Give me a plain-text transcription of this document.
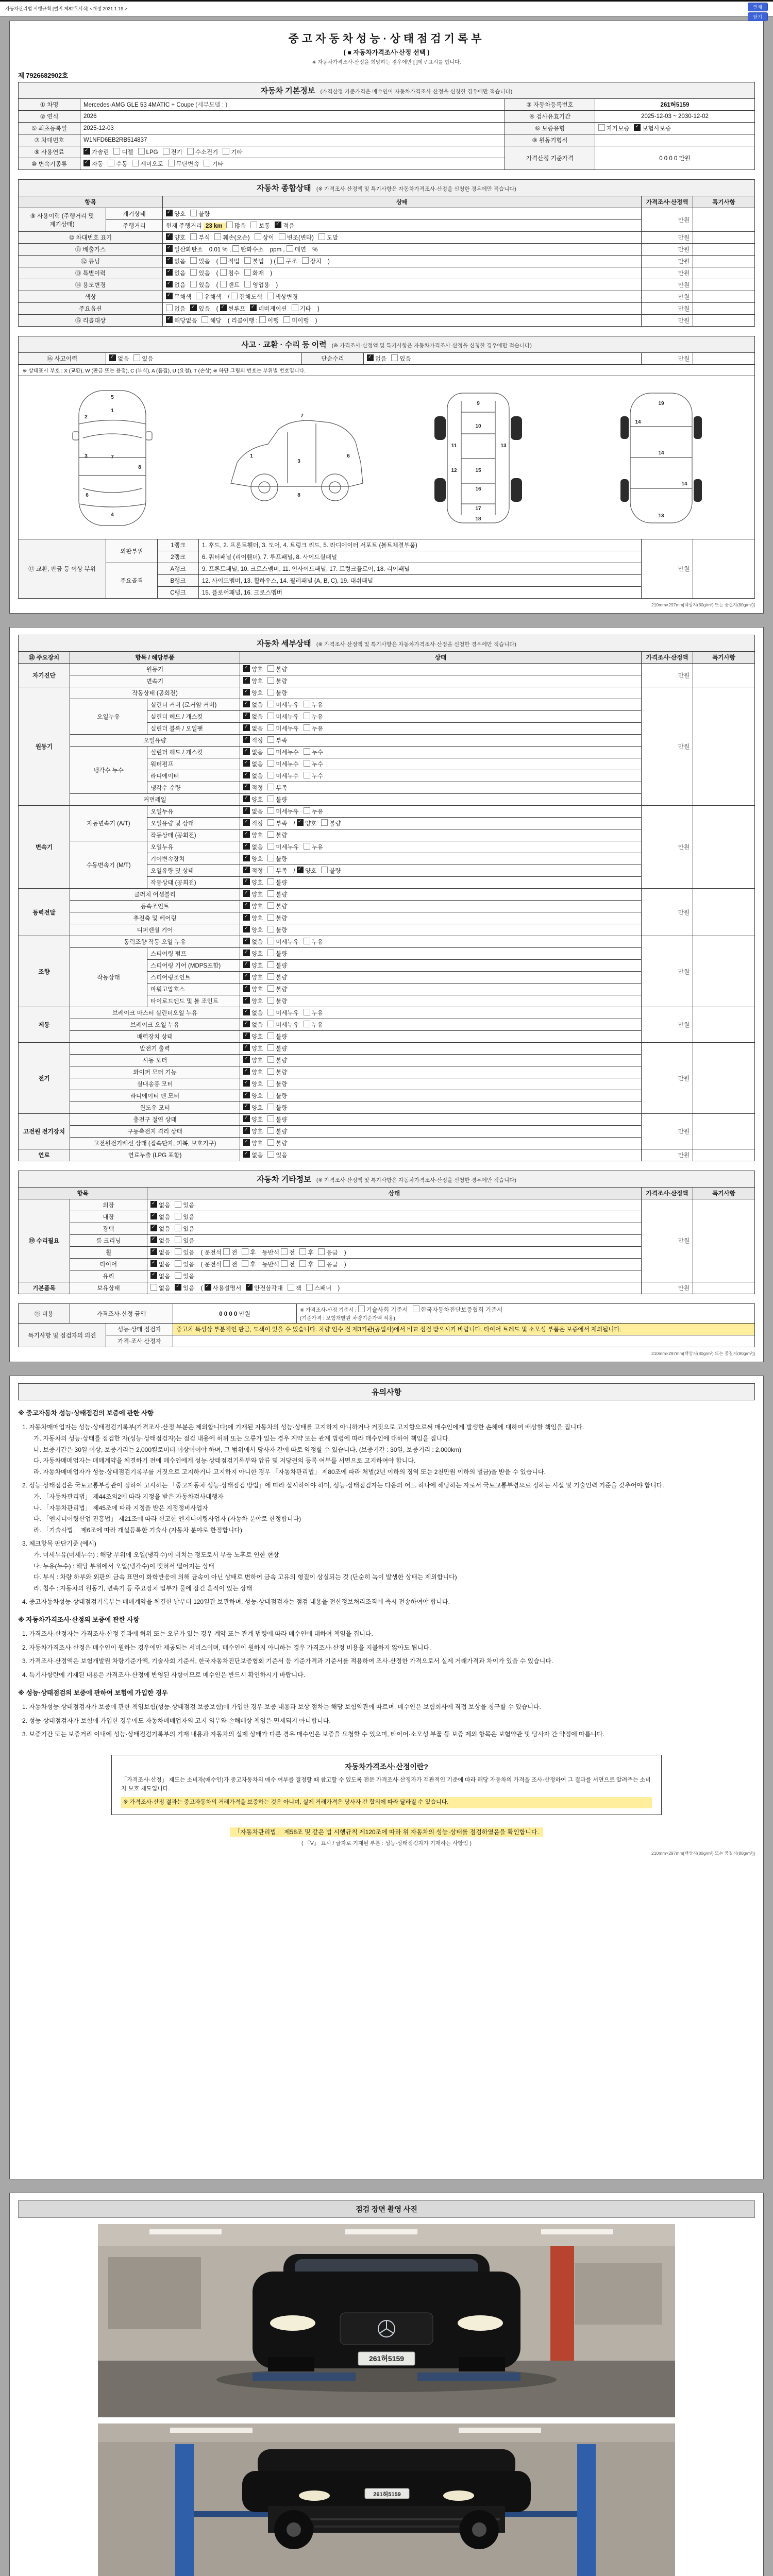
자동차관리법 시행규칙 [별지 제82호서식] <개정 2021.1.19.>	인쇄
닫기
중고자동차성능·상태점검기록부
( ■ 자동차가격조사·산정 선택 )
※ 자동차가격조사·산정을 희망하는 경우에만 [ ]에 √ 표시를 합니다.
제 7926682902호
자동차 기본정보 (가격산정 기준가격은 매수인이 자동차가격조사·산정을 신청한 경우에만 적습니다)
① 차명	Mercedes-AMG GLE 53 4MATIC + Coupe (세부모델 : )	③ 자동차등록번호	261허5159
② 연식	2026	④ 검사유효기간	2025-12-03 ~ 2030-12-02
⑤ 최초등록일	2025-12-03	⑥ 보증유형	자가보증 ✓ 보험사보증
⑦ 차대번호	W1NFD6EB2RB514837	⑧ 원동기형식	
⑨ 사용연료	✓가솔린 디젤 LPG 전기 수소전기 기타	가격산정 기준가격	0 0 0 0 만원
⑩ 변속기종류	✓자동 수동 세미오토 무단변속 기타
자동차 종합상태 (※ 가격조사·산정액 및 특기사항은 자동차가격조사·산정을 신청한 경우에만 적습니다)
항목		상태	가격조사·산정액	특기사항
⑨ 사용이력 (주행거리 및 계기상태)	계기상태	✓양호 불량	만원	
	주행거리	현재 주행거리 23 km 많음 보통 ✓ 적음
⑩ 차대번호 표기	✓양호 부식 훼손(오손) 상이 변조(변타) 도말	만원	
⑪ 배출가스	✓일산화탄소 0.01 % , 탄화수소 ppm , 매연 %	만원	
⑫ 튜닝	✓없음 있음 ( 적법 불법 ) ( 구조 장치 )	만원	
⑬ 특별이력	✓없음 있음 ( 침수 화재 )	만원	
⑭ 용도변경	✓없음 있음 ( 렌트 영업용 )	만원	
색상	✓무채색 유채색 / 전체도색 색상변경	만원	
주요옵션		없음 ✓ 있음 ( ✓썬루프 ✓ 네비게이션 기타 )	만원	
⑮ 리콜대상	✓해당없음 해당 ( 리콜이행 : 이행 미이행 )	만원	
사고 · 교환 · 수리 등 이력 (※ 가격조사·산정액 및 특기사항은 자동차가격조사·산정을 신청한 경우에만 적습니다)
⑯ 사고이력	✓없음 있음	단순수리	✓없음 있음	만원	
※ 상태표시 부호 : X (교환), W (판금 또는 용접), C (부식), A (흠집), U (요철), T (손상) ※ 하단 그림의 번호는 부위별 번호입니다.
5
1
2
3	7
8
6
4
1
7
3
6
8
9
10
11	13
12	15
16
17
18
19
14
14
14
13
⑰ 교환, 판금 등 이상 부위	외판부위	1랭크	1. 후드, 2. 프론트휀더, 3. 도어, 4. 트렁크 리드, 5. 라디에이터 서포트 (볼트체결부품)	만원	
		2랭크	6. 쿼터패널 (리어휀더), 7. 루프패널, 8. 사이드실패널		
	주요골격	A랭크	9. 프론트패널, 10. 크로스멤버, 11. 인사이드패널, 17. 트렁크플로어, 18. 리어패널		
		B랭크	12. 사이드멤버, 13. 휠하우스, 14. 필러패널 (A, B, C), 19. 대쉬패널		
		C랭크	15. 플로어패널, 16. 크로스멤버		
210mm×297mm[백상지(80g/m²) 또는 중질지(80g/m²)]
자동차 세부상태 (※ 가격조사·산정액 및 특기사항은 자동차가격조사·산정을 신청한 경우에만 적습니다)
⑱ 주요장치	항목 / 해당부품		상태	가격조사·산정액	특기사항
자기진단	원동기	✓양호 불량	만원	
	변속기	✓양호 불량
원동기	작동상태 (공회전)	✓양호 불량	만원	
	오일누유	실린더 커버 (로커암 커버)	✓없음 미세누유 누유
		실린더 헤드 / 개스킷	✓없음 미세누유 누유
		실린더 블록 / 오일팬	✓없음 미세누유 누유
	오일유량	✓적정 부족
	냉각수 누수	실린더 헤드 / 개스킷	✓없음 미세누수 누수
		워터펌프	✓없음 미세누수 누수
		라디에이터	✓없음 미세누수 누수
		냉각수 수량	✓적정 부족
	커먼레일	✓양호 불량
변속기	자동변속기 (A/T)	오일누유	✓없음 미세누유 누유	만원	
		오일유량 및 상태	✓적정 부족 / ✓양호 불량
		작동상태 (공회전)	✓양호 불량
	수동변속기 (M/T)	오일누유	✓없음 미세누유 누유
		기어변속장치	✓양호 불량
		오일유량 및 상태	✓적정 부족 / ✓양호 불량
		작동상태 (공회전)	✓양호 불량
동력전달	클러치 어셈블리	✓양호 불량	만원	
	등속조인트	✓양호 불량
	추진축 및 베어링	✓양호 불량
	디퍼렌셜 기어	✓양호 불량
조향	동력조향 작동 오일 누유	✓없음 미세누유 누유	만원	
	작동상태	스티어링 펌프	✓양호 불량
		스티어링 기어 (MDPS포함)	✓양호 불량
		스티어링조인트	✓양호 불량
		파워고압호스	✓양호 불량
		타이로드엔드 및 볼 조인트	✓양호 불량
제동	브레이크 마스터 실린더오일 누유	✓없음 미세누유 누유	만원	
	브레이크 오일 누유	✓없음 미세누유 누유
	배력장치 상태	✓양호 불량
전기	발전기 출력	✓양호 불량	만원	
	시동 모터	✓양호 불량
	와이퍼 모터 기능	✓양호 불량
	실내송풍 모터	✓양호 불량
	라디에이터 팬 모터	✓양호 불량
	윈도우 모터	✓양호 불량
고전원 전기장치	충전구 절연 상태	✓양호 불량	만원	
	구동축전지 격리 상태	✓양호 불량
	고전원전기배선 상태 (접속단자, 피복, 보호기구)	✓양호 불량
연료	연료누출 (LPG 포함)	✓없음 있음	만원	
자동차 기타정보 (※ 가격조사·산정액 및 특기사항은 자동차가격조사·산정을 신청한 경우에만 적습니다)
항목		상태	가격조사·산정액	특기사항
⑲ 수리필요	외장	✓없음 있음	만원	
	내장	✓없음 있음
	광택	✓없음 있음
	룸 크리닝	✓없음 있음
	휠	✓없음 있음 ( 운전석 전 후 동반석 전 후 응급 )
	타이어	✓없음 있음 ( 운전석 전 후 동반석 전 후 응급 )
	유리	✓없음 있음
기본품목	보유상태	없음 ✓ 있음 ( ✓사용설명서 ✓ 안전삼각대 잭 스패너 )	만원	
⑳ 비용	가격조사·산정 금액	0 0 0 0 만원	※ 가격조사·산정 기준서 : 기술사회 기준서 한국자동차진단보증협회 기준서
(기준가격 : 보험개발원 차량기준가액 적용)
특기사항 및 점검자의 의견	성능·상태 점검자	중고차 특성상 부분적인 판금, 도색이 있을 수 있습니다. 차량 인수 전 제3기관(공업사)에서 비교 점검 받으시기 바랍니다. 타이어 트레드 및 소모성 부품은 보증에서 제외됩니다.
	가격·조사 산정자	
210mm×297mm[백상지(80g/m²) 또는 중질지(80g/m²)]
유의사항
※ 중고자동차 성능·상태점검의 보증에 관한 사항
1. 자동차매매업자는 성능·상태점검기록부(가격조사·산정 부분은 제외합니다)에 기재된 자동차의 성능·상태를 고지하지 아니하거나 거짓으로 고지함으로써 매수인에게 발생한 손해에 대하여 배상할 책임을 집니다.
가. 자동차의 성능·상태를 점검한 자(성능·상태점검자)는 점검 내용에 허위 또는 오류가 있는 경우 계약 또는 관계 법령에 따라 매수인에 대하여 책임을 집니다.
나. 보증기간은 30일 이상, 보증거리는 2,000킬로미터 이상이어야 하며, 그 범위에서 당사자 간에 따로 약정할 수 있습니다. (보증기간 : 30일, 보증거리 : 2,000km)
다. 자동차매매업자는 매매계약을 체결하기 전에 매수인에게 성능·상태점검기록부와 압류 및 저당권의 등록 여부를 서면으로 고지하여야 합니다.
라. 자동차매매업자가 성능·상태점검기록부를 거짓으로 고지하거나 고지하지 아니한 경우 「자동차관리법」 제80조에 따라 처벌(2년 이하의 징역 또는 2천만원 이하의 벌금)을 받을 수 있습니다.
2. 성능·상태점검은 국토교통부장관이 정하여 고시하는 「중고자동차 성능·상태점검 방법」에 따라 실시하여야 하며, 성능·상태점검자는 다음의 어느 하나에 해당하는 자로서 국토교통부령으로 정하는 시설 및 기술인력 기준을 갖추어야 합니다.
가. 「자동차관리법」 제44조의2에 따라 지정을 받은 자동차검사대행자
나. 「자동차관리법」 제45조에 따라 지정을 받은 지정정비사업자
다. 「엔지니어링산업 진흥법」 제21조에 따라 신고한 엔지니어링사업자 (자동차 분야로 한정합니다)
라. 「기술사법」 제6조에 따라 개설등록한 기술사 (자동차 분야로 한정합니다)
3. 체크항목 판단기준 (예시)
가. 미세누유(미세누수) : 해당 부위에 오일(냉각수)이 비치는 정도로서 부품 노후로 인한 현상
나. 누유(누수) : 해당 부위에서 오일(냉각수)이 맺혀서 떨어지는 상태
다. 부식 : 차량 하부와 외판의 금속 표면이 화학반응에 의해 금속이 아닌 상태로 변하여 금속 고유의 형질이 상실되는 것 (단순히 녹이 발생한 상태는 제외합니다)
라. 침수 : 자동차의 원동기, 변속기 등 주요장치 일부가 물에 잠긴 흔적이 있는 상태
4. 중고자동차성능·상태점검기록부는 매매계약을 체결한 날부터 120일간 보관하며, 성능·상태점검자는 점검 내용을 전산정보처리조직에 즉시 전송하여야 합니다.
※ 자동차가격조사·산정의 보증에 관한 사항
1. 가격조사·산정자는 가격조사·산정 결과에 허위 또는 오류가 있는 경우 계약 또는 관계 법령에 따라 매수인에 대하여 책임을 집니다.
2. 자동차가격조사·산정은 매수인이 원하는 경우에만 제공되는 서비스이며, 매수인이 원하지 아니하는 경우 가격조사·산정 비용을 지불하지 않아도 됩니다.
3. 가격조사·산정액은 보험개발원 차량기준가액, 기술사회 기준서, 한국자동차진단보증협회 기준서 등 기준가격과 기준서를 적용하여 조사·산정한 가격으로서 실제 거래가격과 차이가 있을 수 있습니다.
4. 특기사항란에 기재된 내용은 가격조사·산정에 반영된 사항이므로 매수인은 반드시 확인하시기 바랍니다.
※ 성능·상태점검의 보증에 관하여 보험에 가입한 경우
1. 자동차성능·상태점검자가 보증에 관한 책임보험(성능·상태점검 보증보험)에 가입한 경우 보증 내용과 보상 절차는 해당 보험약관에 따르며, 매수인은 보험회사에 직접 보상을 청구할 수 있습니다.
2. 성능·상태점검자가 보험에 가입한 경우에도 자동차매매업자의 고지 의무와 손해배상 책임은 면제되지 아니합니다.
3. 보증기간 또는 보증거리 이내에 성능·상태점검기록부의 기재 내용과 자동차의 실제 상태가 다른 경우 매수인은 보증을 요청할 수 있으며, 타이어·소모성 부품 등 보증 제외 항목은 보험약관 및 당사자 간 약정에 따릅니다.
자동차가격조사·산정이란?
「가격조사·산정」 제도는 소비자(매수인)가 중고자동차의 매수 여부를 결정할 때 참고할 수 있도록 전문 가격조사·산정자가 객관적인 기준에 따라 해당 자동차의 가격을 조사·산정하여 그 결과를 서면으로 알려주는 소비자 보호 제도입니다.
※ 가격조사·산정 결과는 중고자동차의 거래가격을 보증하는 것은 아니며, 실제 거래가격은 당사자 간 합의에 따라 달라질 수 있습니다.
「자동차관리법」 제58조 및 같은 법 시행규칙 제120조에 따라 위 자동차의 성능·상태를 점검하였음을 확인합니다.
( 『V』 표시 / 글자로 기재된 부분 : 성능·상태점검자가 기재하는 사항임 )
210mm×297mm[백상지(80g/m²) 또는 중질지(80g/m²)]
점검 장면 촬영 사진
261허5159
261허5159
